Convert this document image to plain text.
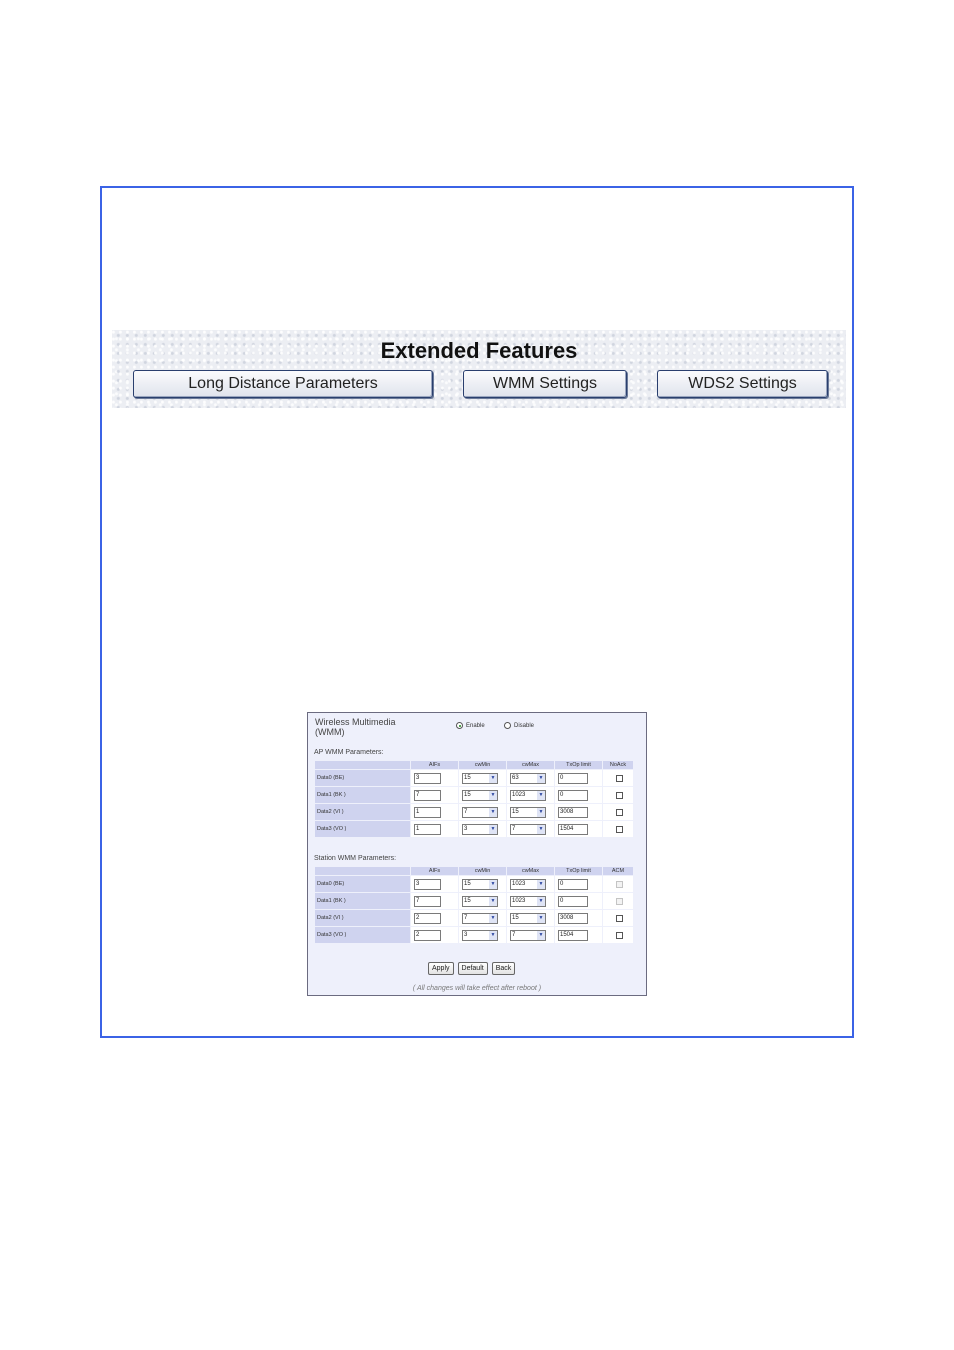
Extended Features
Long Distance Parameters	WMM Settings	WDS2 Settings
Wireless Multimedia (WMM)
Enable	Disable
AP WMM Parameters:
	AIFs	cwMin	cwMax	TxOp limit	NoAck
Data0 (BE)	3	15 ▼	63 ▼	0	

Data1 (BK )	7	15 ▼	1023 ▼	0	

Data2 (VI )	1	7 ▼	15 ▼	3008	

Data3 (VO )	1	3 ▼	7 ▼	1504	
Station WMM Parameters:
	AIFs	cwMin	cwMax	TxOp limit	ACM
Data0 (BE)	3	15 ▼	1023 ▼	0	

Data1 (BK )	7	15 ▼	1023 ▼	0	

Data2 (VI )	2	7 ▼	15 ▼	3008	

Data3 (VO )	2	3 ▼	7 ▼	1504	
Apply	Default	Back
( All changes will take effect after reboot )
